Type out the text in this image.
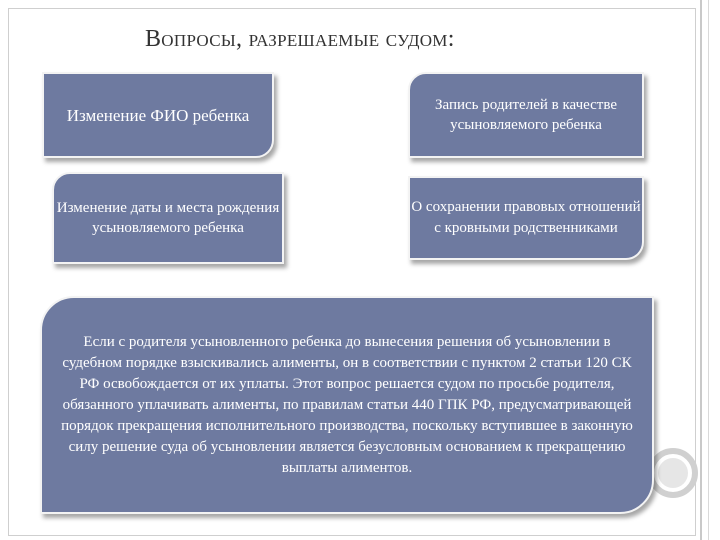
Вопросы, разрешаемые судом:
Изменение ФИО ребенка
Запись родителей в качестве усыновляемого ребенка
Изменение даты и места рождения усыновляемого ребенка
О сохранении правовых отношений с кровными родственниками
Если с родителя усыновленного ребенка до вынесения решения об усыновлении в судебном порядке взыскивались алименты, он в соответствии с пунктом 2 статьи 120 СК РФ освобождается от их уплаты. Этот вопрос решается судом по просьбе родителя, обязанного уплачивать алименты, по правилам статьи 440 ГПК РФ, предусматривающей порядок прекращения исполнительного производства, поскольку вступившее в законную силу решение суда об усыновлении является безусловным основанием к прекращению выплаты алиментов.
